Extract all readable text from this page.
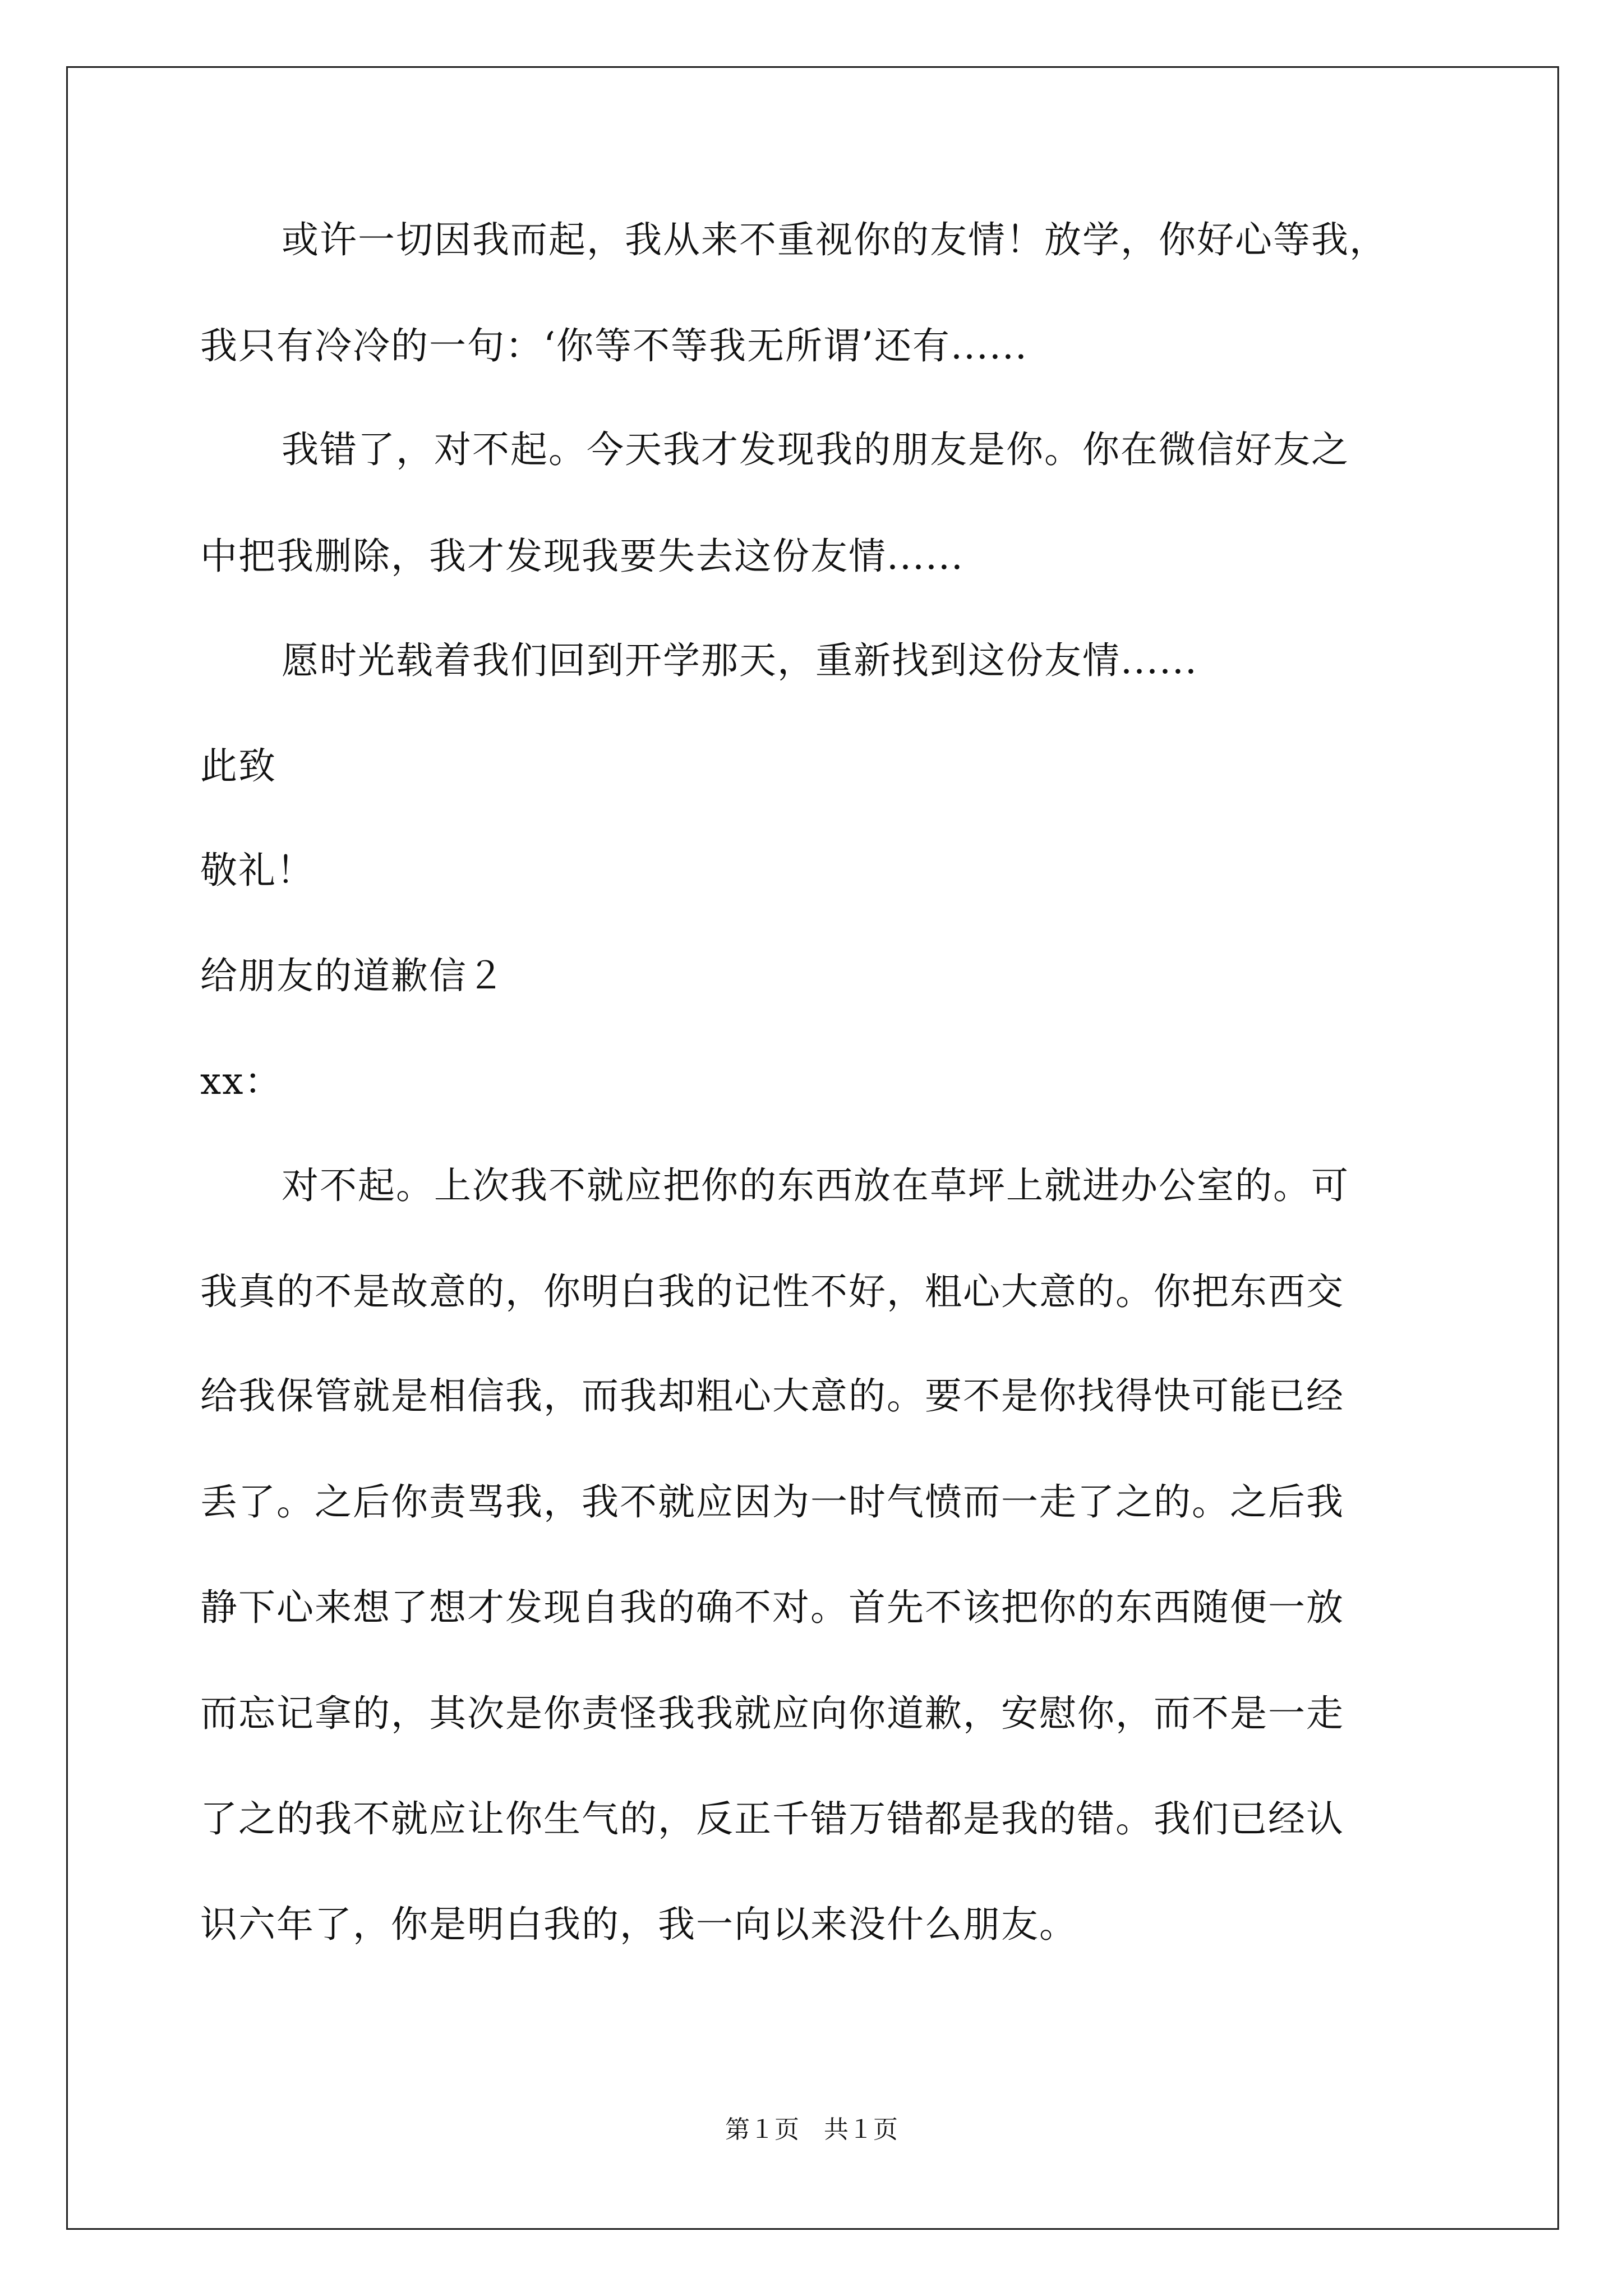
或许一切因我而起，我从来不重视你的友情！放学，你好心等我，
我只有冷冷的一句：‘你等不等我无所谓’还有......
我错了，对不起。今天我才发现我的朋友是你。你在微信好友之
中把我删除，我才发现我要失去这份友情......
愿时光载着我们回到开学那天，重新找到这份友情......
此致
敬礼！
给朋友的道歉信２
xx：
对不起。上次我不就应把你的东西放在草坪上就进办公室的。可
我真的不是故意的，你明白我的记性不好，粗心大意的。你把东西交
给我保管就是相信我，而我却粗心大意的。要不是你找得快可能已经
丢了。之后你责骂我，我不就应因为一时气愤而一走了之的。之后我
静下心来想了想才发现自我的确不对。首先不该把你的东西随便一放
而忘记拿的，其次是你责怪我我就应向你道歉，安慰你，而不是一走
了之的我不就应让你生气的，反正千错万错都是我的错。我们已经认
识六年了，你是明白我的，我一向以来没什么朋友。
第１页　共１页
